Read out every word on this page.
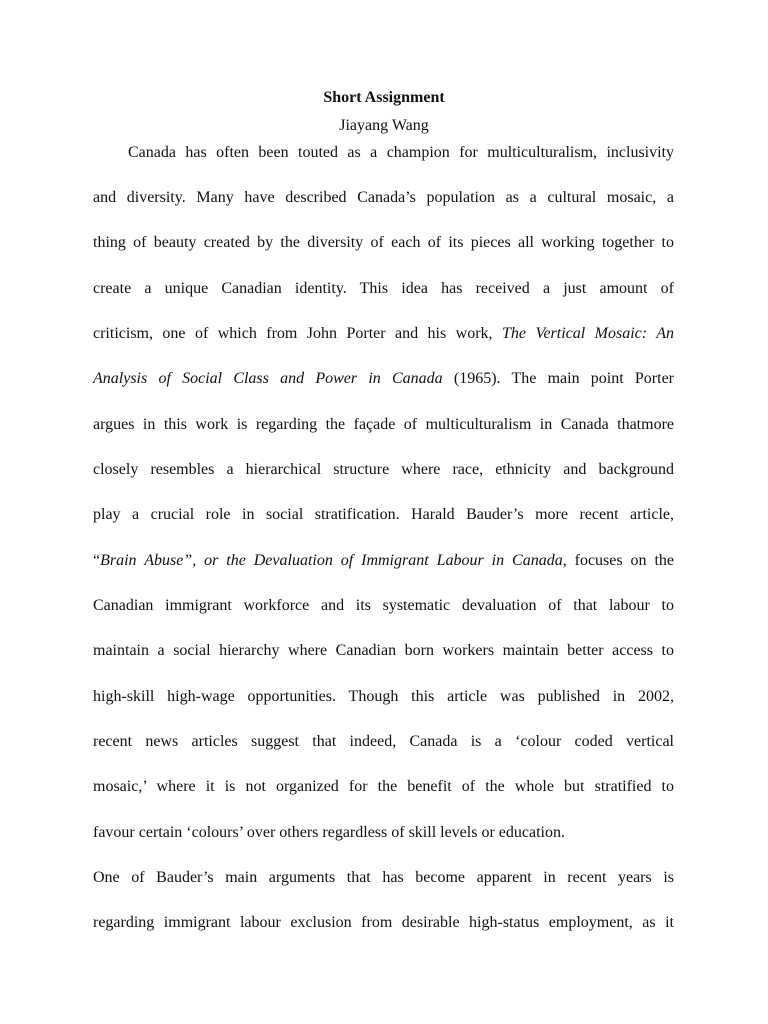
Short Assignment
Jiayang Wang
Canada has often been touted as a champion for multiculturalism, inclusivity
and diversity. Many have described Canada’s population as a cultural mosaic, a
thing of beauty created by the diversity of each of its pieces all working together to
create a unique Canadian identity. This idea has received a just amount of
criticism, one of which from John Porter and his work, The Vertical Mosaic: An
Analysis of Social Class and Power in Canada (1965). The main point Porter
argues in this work is regarding the façade of multiculturalism in Canada thatmore
closely resembles a hierarchical structure where race, ethnicity and background
play a crucial role in social stratification. Harald Bauder’s more recent article,
“Brain Abuse”, or the Devaluation of Immigrant Labour in Canada, focuses on the
Canadian immigrant workforce and its systematic devaluation of that labour to
maintain a social hierarchy where Canadian born workers maintain better access to
high-skill high-wage opportunities. Though this article was published in 2002,
recent news articles suggest that indeed, Canada is a ‘colour coded vertical
mosaic,’ where it is not organized for the benefit of the whole but stratified to
favour certain ‘colours’ over others regardless of skill levels or education.
One of Bauder’s main arguments that has become apparent in recent years is
regarding immigrant labour exclusion from desirable high-status employment, as it
